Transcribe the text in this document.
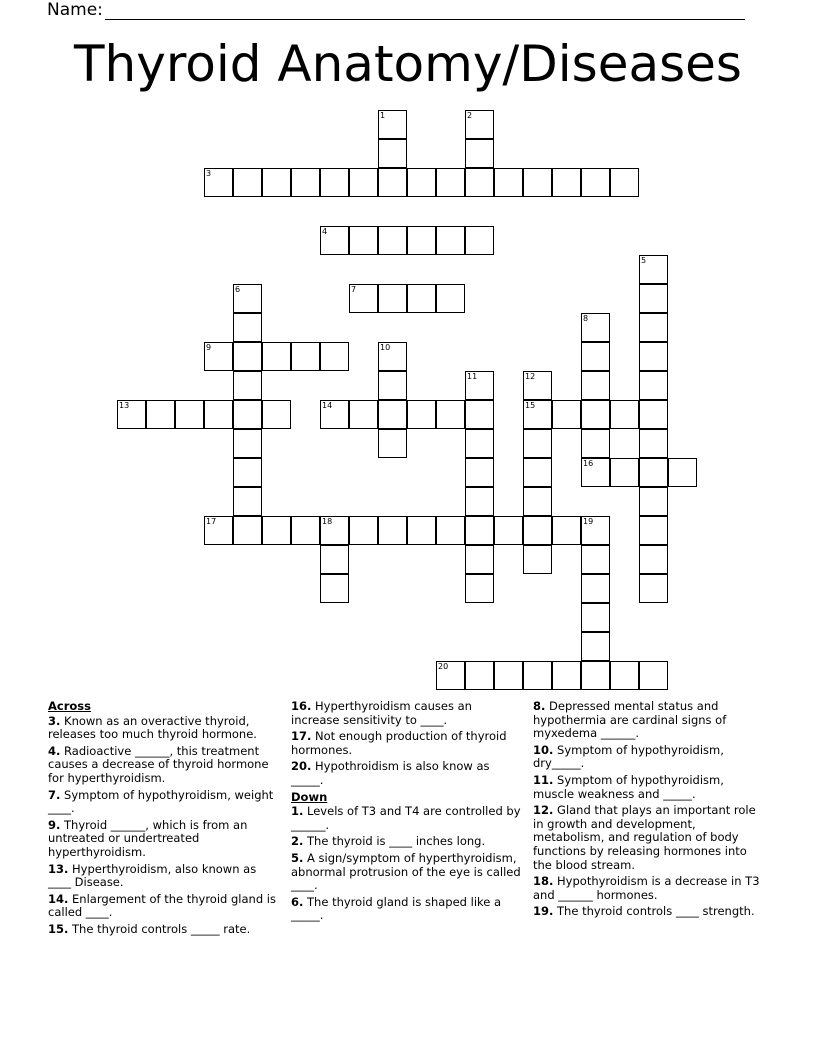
Name:
Thyroid Anatomy/Diseases
1	2
3
4
5
6	7
8
9	10
11	12
15
13	14
16
17	18	19
20
Across
3. Known as an overactive thyroid, releases too much thyroid hormone.
4. Radioactive ______, this treatment causes a decrease of thyroid hormone for hyperthyroidism.
7. Symptom of hypothyroidism, weight ____.
9. Thyroid ______, which is from an untreated or undertreated hyperthyroidism.
13. Hyperthyroidism, also known as ____ Disease.
14. Enlargement of the thyroid gland is called ____.
15. The thyroid controls _____ rate.
16. Hyperthyroidism causes an increase sensitivity to ____.
17. Not enough production of thyroid hormones.
20. Hypothroidism is also know as _____.
Down
1. Levels of T3 and T4 are controlled by ______.
2. The thyroid is ____ inches long.
5. A sign/symptom of hyperthyroidism, abnormal protrusion of the eye is called ____.
6. The thyroid gland is shaped like a _____.
8. Depressed mental status and hypothermia are cardinal signs of myxedema ______.
10. Symptom of hypothyroidism, dry_____.
11. Symptom of hypothyroidism, muscle weakness and _____.
12. Gland that plays an important role in growth and development, metabolism, and regulation of body functions by releasing hormones into the blood stream.
18. Hypothyroidism is a decrease in T3 and ______ hormones.
19. The thyroid controls ____ strength.
